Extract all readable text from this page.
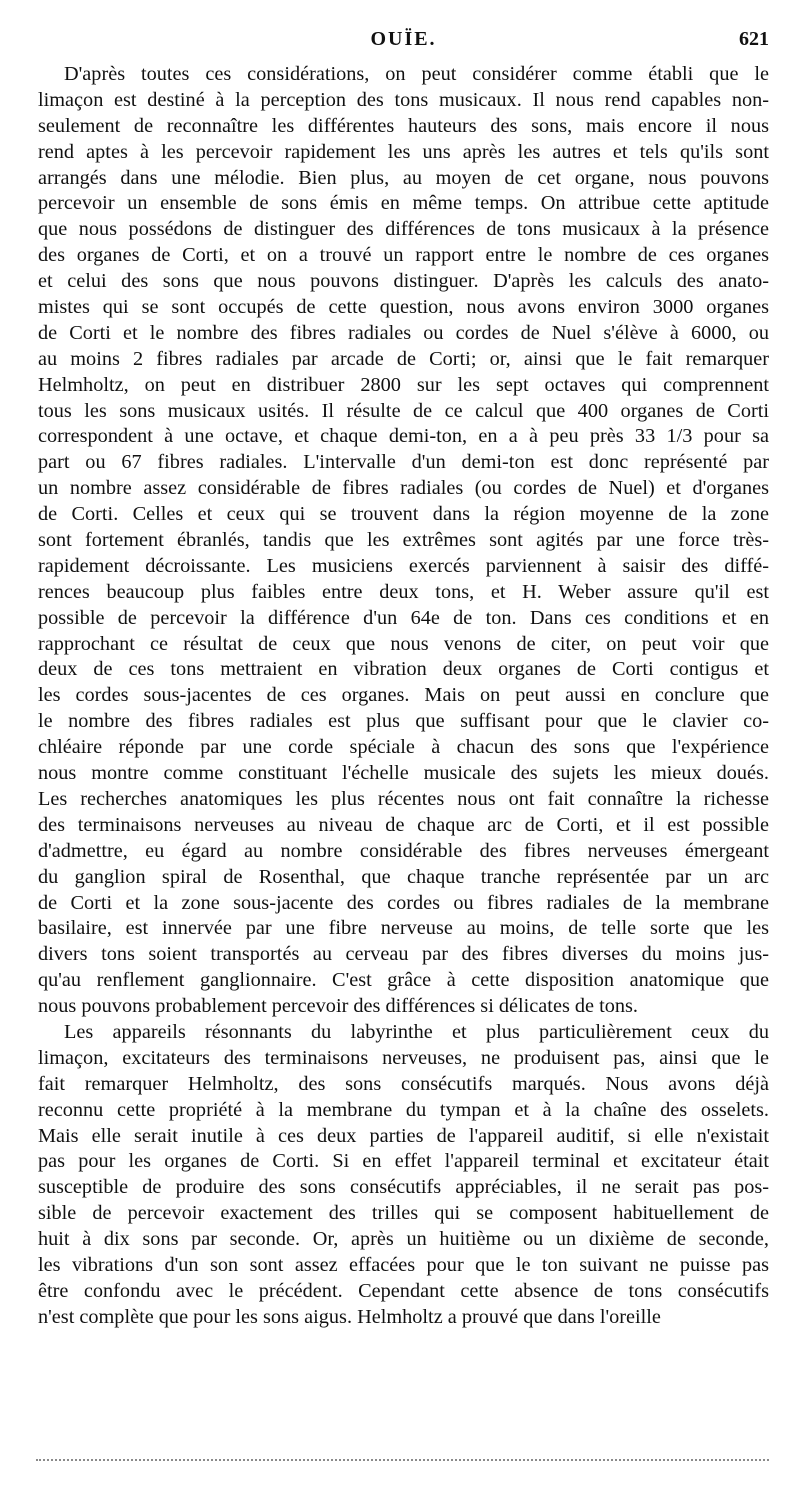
OUÏE.	621
D'après toutes ces considérations, on peut considérer comme établi que le
limaçon est destiné à la perception des tons musicaux. Il nous rend capables non-
seulement de reconnaître les différentes hauteurs des sons, mais encore il nous
rend aptes à les percevoir rapidement les uns après les autres et tels qu'ils sont
arrangés dans une mélodie. Bien plus, au moyen de cet organe, nous pouvons
percevoir un ensemble de sons émis en même temps. On attribue cette aptitude
que nous possédons de distinguer des différences de tons musicaux à la présence
des organes de Corti, et on a trouvé un rapport entre le nombre de ces organes
et celui des sons que nous pouvons distinguer. D'après les calculs des anato-
mistes qui se sont occupés de cette question, nous avons environ 3000 organes
de Corti et le nombre des fibres radiales ou cordes de Nuel s'élève à 6000, ou
au moins 2 fibres radiales par arcade de Corti; or, ainsi que le fait remarquer
Helmholtz, on peut en distribuer 2800 sur les sept octaves qui comprennent
tous les sons musicaux usités. Il résulte de ce calcul que 400 organes de Corti
correspondent à une octave, et chaque demi-ton, en a à peu près 33 1/3 pour sa
part ou 67 fibres radiales. L'intervalle d'un demi-ton est donc représenté par
un nombre assez considérable de fibres radiales (ou cordes de Nuel) et d'organes
de Corti. Celles et ceux qui se trouvent dans la région moyenne de la zone
sont fortement ébranlés, tandis que les extrêmes sont agités par une force très-
rapidement décroissante. Les musiciens exercés parviennent à saisir des diffé-
rences beaucoup plus faibles entre deux tons, et H. Weber assure qu'il est
possible de percevoir la différence d'un 64e de ton. Dans ces conditions et en
rapprochant ce résultat de ceux que nous venons de citer, on peut voir que
deux de ces tons mettraient en vibration deux organes de Corti contigus et
les cordes sous-jacentes de ces organes. Mais on peut aussi en conclure que
le nombre des fibres radiales est plus que suffisant pour que le clavier co-
chléaire réponde par une corde spéciale à chacun des sons que l'expérience
nous montre comme constituant l'échelle musicale des sujets les mieux doués.
Les recherches anatomiques les plus récentes nous ont fait connaître la richesse
des terminaisons nerveuses au niveau de chaque arc de Corti, et il est possible
d'admettre, eu égard au nombre considérable des fibres nerveuses émergeant
du ganglion spiral de Rosenthal, que chaque tranche représentée par un arc
de Corti et la zone sous-jacente des cordes ou fibres radiales de la membrane
basilaire, est innervée par une fibre nerveuse au moins, de telle sorte que les
divers tons soient transportés au cerveau par des fibres diverses du moins jus-
qu'au renflement ganglionnaire. C'est grâce à cette disposition anatomique que
nous pouvons probablement percevoir des différences si délicates de tons.
Les appareils résonnants du labyrinthe et plus particulièrement ceux du
limaçon, excitateurs des terminaisons nerveuses, ne produisent pas, ainsi que le
fait remarquer Helmholtz, des sons consécutifs marqués. Nous avons déjà
reconnu cette propriété à la membrane du tympan et à la chaîne des osselets.
Mais elle serait inutile à ces deux parties de l'appareil auditif, si elle n'existait
pas pour les organes de Corti. Si en effet l'appareil terminal et excitateur était
susceptible de produire des sons consécutifs appréciables, il ne serait pas pos-
sible de percevoir exactement des trilles qui se composent habituellement de
huit à dix sons par seconde. Or, après un huitième ou un dixième de seconde,
les vibrations d'un son sont assez effacées pour que le ton suivant ne puisse pas
être confondu avec le précédent. Cependant cette absence de tons consécutifs
n'est complète que pour les sons aigus. Helmholtz a prouvé que dans l'oreille
